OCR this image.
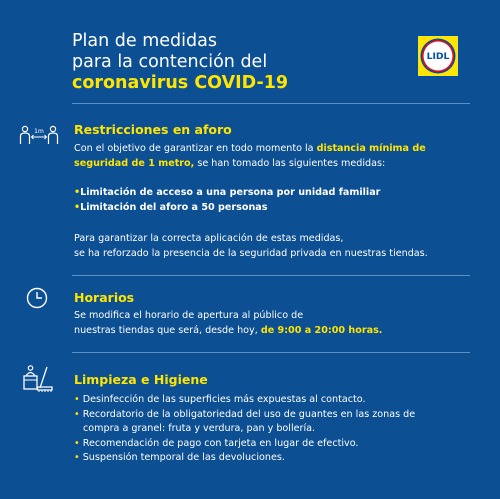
Plan de medidas
para la contención del
coronavirus COVID-19
LIDL
1m Restricciones en aforo
Con el objetivo de garantizar en todo momento la distancia mínima de
seguridad de 1 metro, se han tomado las siguientes medidas:
•Limitación de acceso a una persona por unidad familiar
•Limitación del aforo a 50 personas
Para garantizar la correcta aplicación de estas medidas,
se ha reforzado la presencia de la seguridad privada en nuestras tiendas.
Horarios
Se modifica el horario de apertura al público de
nuestras tiendas que será, desde hoy, de 9:00 a 20:00 horas.
Limpieza e Higiene
• Desinfección de las superficies más expuestas al contacto.
• Recordatorio de la obligatoriedad del uso de guantes en las zonas de
compra a granel: fruta y verdura, pan y bollería.
• Recomendación de pago con tarjeta en lugar de efectivo.
• Suspensión temporal de las devoluciones.
